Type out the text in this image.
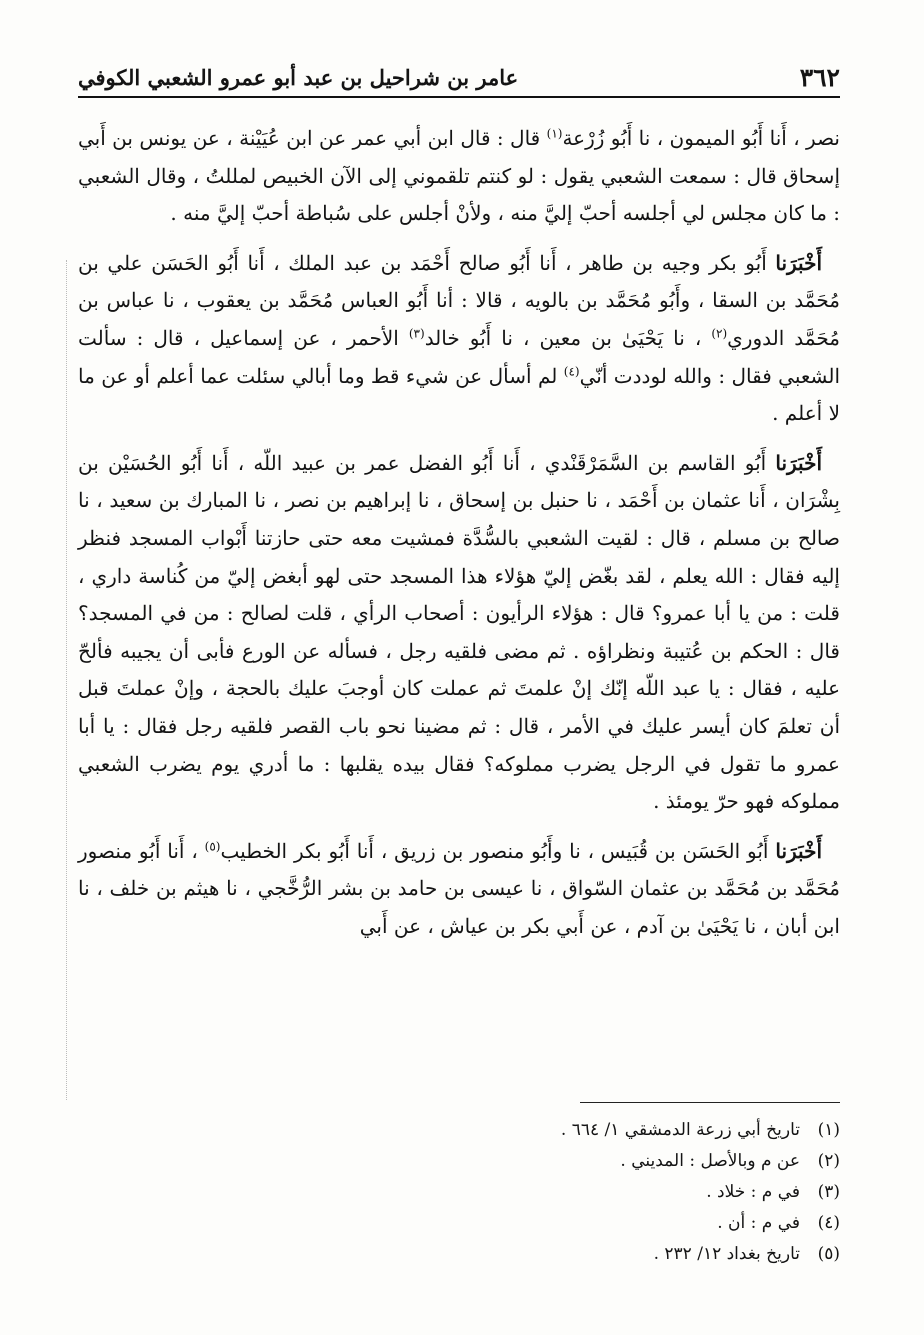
٣٦٢
عامر بن شراحيل بن عبد أبو عمرو الشعبي الكوفي

نصر ، أَنا أَبُو الميمون ، نا أَبُو زُرْعة$^{(١)}$ قال : قال ابن أبي عمر عن ابن عُيَيْنة ، عن يونس بن أَبي إسحاق قال : سمعت الشعبي يقول : لو كنتم تلقموني إلى الآن الخبيص لمللتُ ، وقال الشعبي : ما كان مجلس لي أجلسه أحبّ إليَّ منه ، ولأنْ أجلس على سُباطة أحبّ إليَّ منه .

أَخْبَرَنا أَبُو بكر وجيه بن طاهر ، أَنا أَبُو صالح أَحْمَد بن عبد الملك ، أَنا أَبُو الحَسَن علي بن مُحَمَّد بن السقا ، وأَبُو مُحَمَّد بن بالويه ، قالا : أنا أَبُو العباس مُحَمَّد بن يعقوب ، نا عباس بن مُحَمَّد الدوري$^{(٢)}$ ، نا يَحْيَىٰ بن معين ، نا أَبُو خالد$^{(٣)}$ الأحمر ، عن إسماعيل ، قال : سألت الشعبي فقال : والله لوددت أنّي$^{(٤)}$ لم أسأل عن شيء قط وما أبالي سئلت عما أعلم أو عن ما لا أعلم .

أَخْبَرَنا أَبُو القاسم بن السَّمَرْقَنْدي ، أَنا أَبُو الفضل عمر بن عبيد اللّه ، أَنا أَبُو الحُسَيْن بن بِشْرَان ، أَنا عثمان بن أَحْمَد ، نا حنبل بن إسحاق ، نا إبراهيم بن نصر ، نا المبارك بن سعيد ، نا صالح بن مسلم ، قال : لقيت الشعبي بالسُّدَّة فمشيت معه حتى حازتنا أَبْواب المسجد فنظر إليه فقال : الله يعلم ، لقد بغّض إليّ هؤلاء هذا المسجد حتى لهو أبغض إليّ من كُناسة داري ، قلت : من يا أبا عمرو؟ قال : هؤلاء الرأيون : أصحاب الرأي ، قلت لصالح : من في المسجد؟ قال : الحكم بن عُتيبة ونظراؤه . ثم مضى فلقيه رجل ، فسأله عن الورع فأبى أن يجيبه فألحّ عليه ، فقال : يا عبد اللّه إنّك إنْ علمتَ ثم عملت كان أوجبَ عليك بالحجة ، وإنْ عملتَ قبل أن تعلمَ كان أيسر عليك في الأمر ، قال : ثم مضينا نحو باب القصر فلقيه رجل فقال : يا أبا عمرو ما تقول في الرجل يضرب مملوكه؟ فقال بيده يقلبها : ما أدري يوم يضرب الشعبي مملوكه فهو حرّ يومئذ .

أَخْبَرَنا أَبُو الحَسَن بن قُبَيس ، نا وأَبُو منصور بن زريق ، أَنا أَبُو بكر الخطيب$^{(٥)}$ ، أَنا أَبُو منصور مُحَمَّد بن مُحَمَّد بن عثمان السّواق ، نا عيسى بن حامد بن بشر الرُّخَّجي ، نا هيثم بن خلف ، نا ابن أبان ، نا يَحْيَىٰ بن آدم ، عن أَبي بكر بن عياش ، عن أَبي

(١)
تاريخ أبي زرعة الدمشقي ١/ ٦٦٤ .
(٢)
عن م وبالأصل : المديني .
(٣)
في م : خلاد .
(٤)
في م : أن .
(٥)
تاريخ بغداد ١٢/ ٢٣٢ .
